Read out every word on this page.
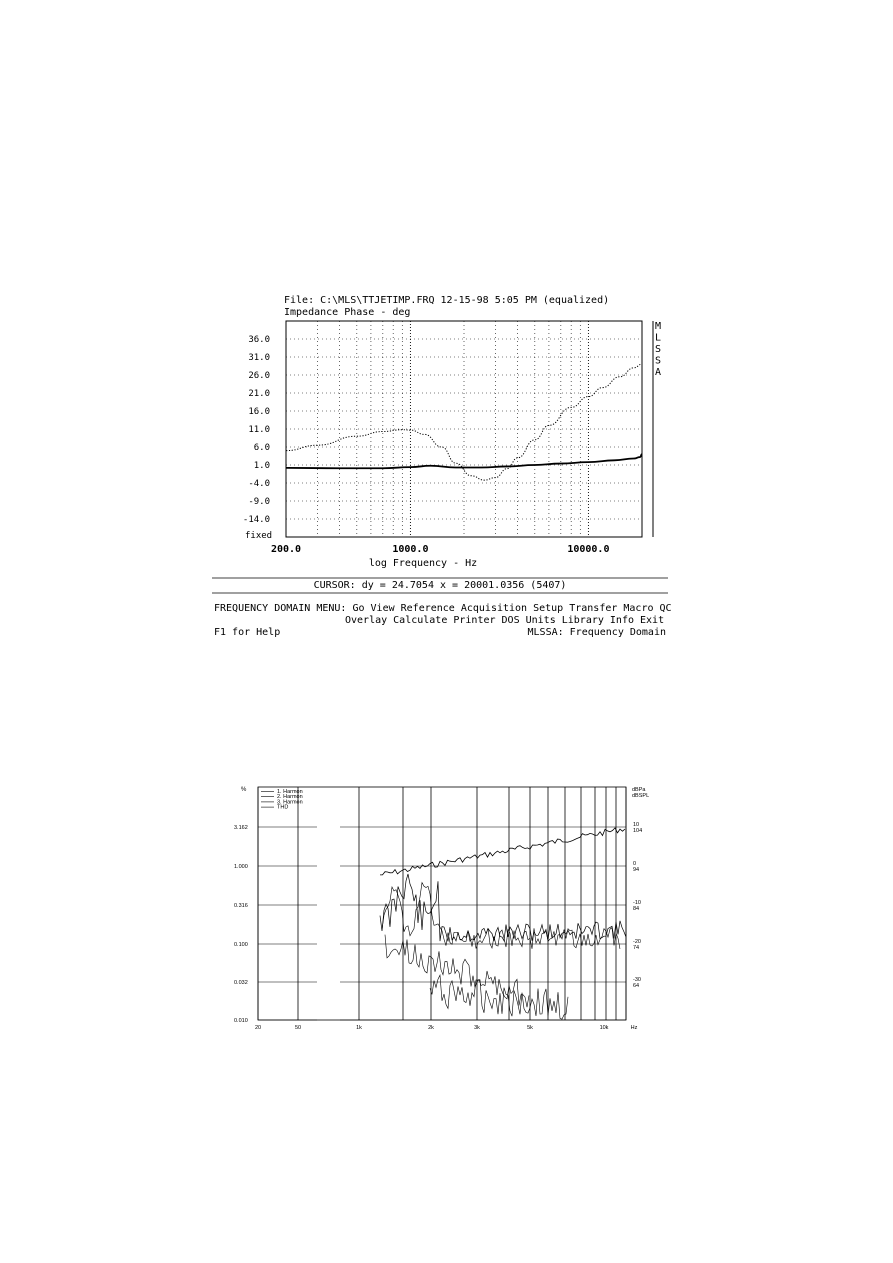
File: C:\MLS\TTJETIMP.FRQ 12-15-98 5:05 PM (equalized)
Impedance Phase - deg
36.0
31.0
26.0
21.0
16.0
11.0
6.0
1.0
-4.0
-9.0
-14.0
fixed
200.0	1000.0	10000.0
log Frequency - Hz
M
L
S
S
A
CURSOR: dy = 24.7054 x = 20001.0356 (5407)
FREQUENCY DOMAIN MENU: Go View Reference Acquisition Setup Transfer Macro QC
Overlay Calculate Printer DOS Units Library Info Exit
F1 for Help	MLSSA: Frequency Domain
%	1. Harmon
2. Harmon
3. Harmon
THD
3.162
1.000
0.316
0.100
0.032
0.010
dBPa
dBSPL
10
104
0
94
-10
84
-20
74
-30
64
20	50	1k	2k	3k	5k	10k	Hz
